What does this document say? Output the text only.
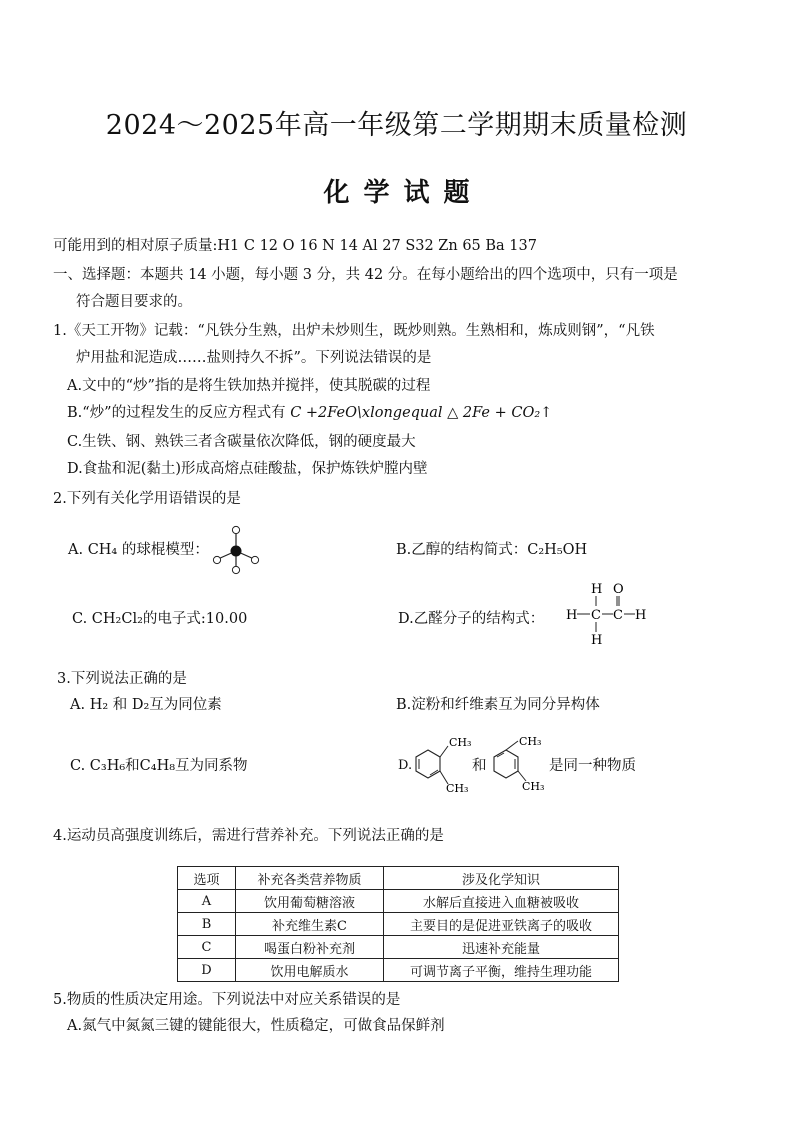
2024～2025年高一年级第二学期期末质量检测
化学试题
可能用到的相对原子质量:H1 C 12 O 16 N 14 Al 27 S32 Zn 65 Ba 137
一、选择题：本题共 14 小题，每小题 3 分，共 42 分。在每小题给出的四个选项中，只有一项是
符合题目要求的。
1.《天工开物》记载：“凡铁分生熟，出炉未炒则生，既炒则熟。生熟相和，炼成则钢”，“凡铁
炉用盐和泥造成……盐则持久不拆”。下列说法错误的是
A.文中的“炒”指的是将生铁加热并搅拌，使其脱碳的过程
B.“炒”的过程发生的反应方程式有 C +2FeO\xlongequal △ 2Fe + CO₂↑
C.生铁、钢、熟铁三者含碳量依次降低，钢的硬度最大
D.食盐和泥(黏土)形成高熔点硅酸盐，保护炼铁炉膛内壁
2.下列有关化学用语错误的是
A. CH₄ 的球棍模型：	B.乙醇的结构简式：C₂H₅OH
C. CH₂Cl₂的电子式:10.00	D.乙醛分子的结构式：
H O
H C C H
H
3.下列说法正确的是
A. H₂ 和 D₂互为同位素	B.淀粉和纤维素互为同分异构体
C. C₃H₆和C₄H₈互为同系物	D.
CH₃
CH₃
和
CH₃
CH₃
是同一种物质
4.运动员高强度训练后，需进行营养补充。下列说法正确的是
选项	补充各类营养物质	涉及化学知识
A	饮用葡萄糖溶液	水解后直接进入血糖被吸收
B	补充维生素C	主要目的是促进亚铁离子的吸收
C	喝蛋白粉补充剂	迅速补充能量
D	饮用电解质水	可调节离子平衡，维持生理功能
5.物质的性质决定用途。下列说法中对应关系错误的是
A.氮气中氮氮三键的键能很大，性质稳定，可做食品保鲜剂
